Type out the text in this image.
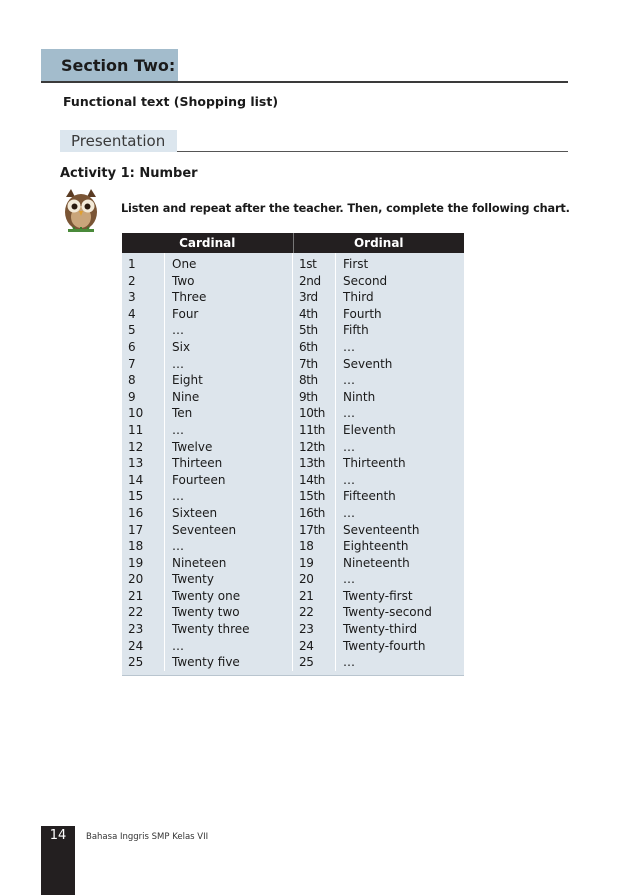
Section Two:
Functional text (Shopping list)
Presentation
Activity 1: Number
Listen and repeat after the teacher. Then, complete the following chart.
Cardinal	Ordinal
1
2
3
4
5
6
7
8
9
10
11
12
13
14
15
16
17
18
19
20
21
22
23
24
25
One
Two
Three
Four
…
Six
…
Eight
Nine
Ten
…
Twelve
Thirteen
Fourteen
…
Sixteen
Seventeen
…
Nineteen
Twenty
Twenty one
Twenty two
Twenty three
…
Twenty five
1st
2nd
3rd
4th
5th
6th
7th
8th
9th
10th
11th
12th
13th
14th
15th
16th
17th
18
19
20
21
22
23
24
25
First
Second
Third
Fourth
Fifth
…
Seventh
…
Ninth
…
Eleventh
…
Thirteenth
…
Fifteenth
…
Seventeenth
Eighteenth
Nineteenth
…
Twenty-first
Twenty-second
Twenty-third
Twenty-fourth
…
14	Bahasa Inggris SMP Kelas VII
